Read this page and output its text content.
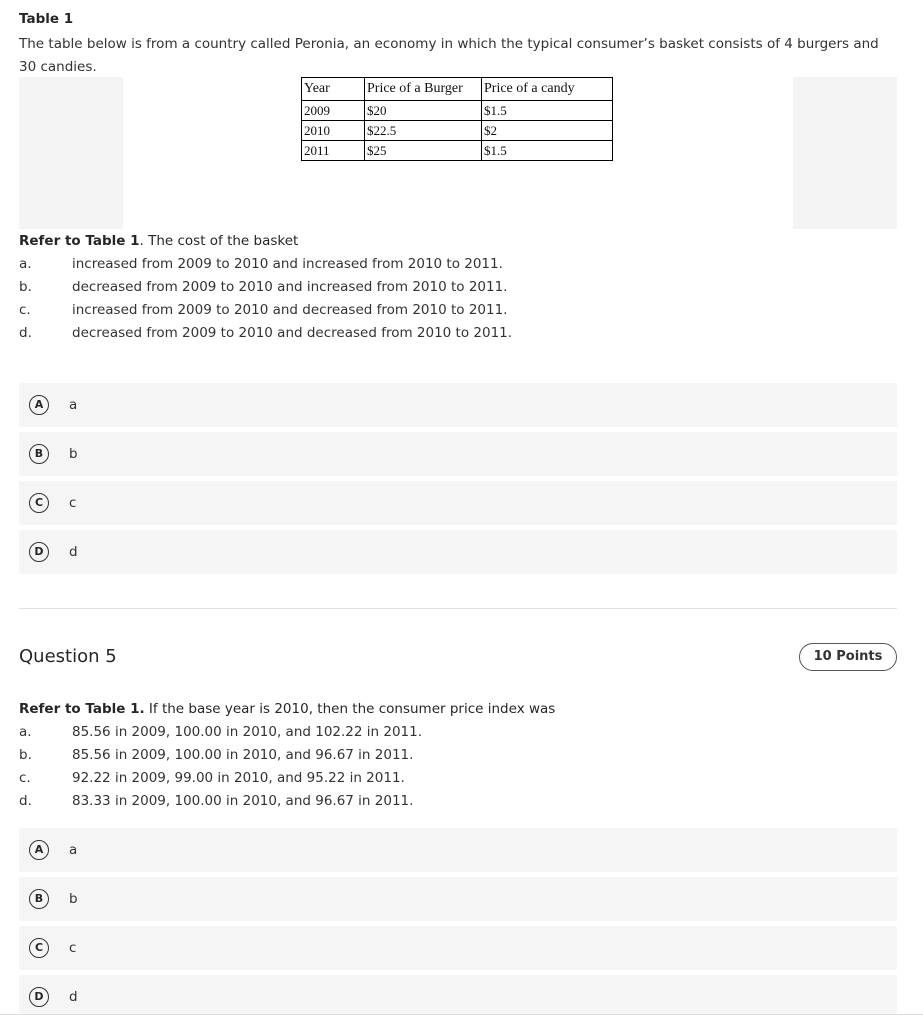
Table 1
The table below is from a country called Peronia, an economy in which the typical consumer’s basket consists of 4 burgers and 30 candies.
Year	Price of a Burger	Price of a candy
2009	$20	$1.5
2010	$22.5	$2
2011	$25	$1.5
Refer to Table 1. The cost of the basket
a.	increased from 2009 to 2010 and increased from 2010 to 2011.
b.	decreased from 2009 to 2010 and increased from 2010 to 2011.
c.	increased from 2009 to 2010 and decreased from 2010 to 2011.
d.	decreased from 2009 to 2010 and decreased from 2010 to 2011.
A	a
B	b
C	c
D	d
Question 5	10 Points
Refer to Table 1. If the base year is 2010, then the consumer price index was
a.	85.56 in 2009, 100.00 in 2010, and 102.22 in 2011.
b.	85.56 in 2009, 100.00 in 2010, and 96.67 in 2011.
c.	92.22 in 2009, 99.00 in 2010, and 95.22 in 2011.
d.	83.33 in 2009, 100.00 in 2010, and 96.67 in 2011.
A	a
B	b
C	c
D	d
